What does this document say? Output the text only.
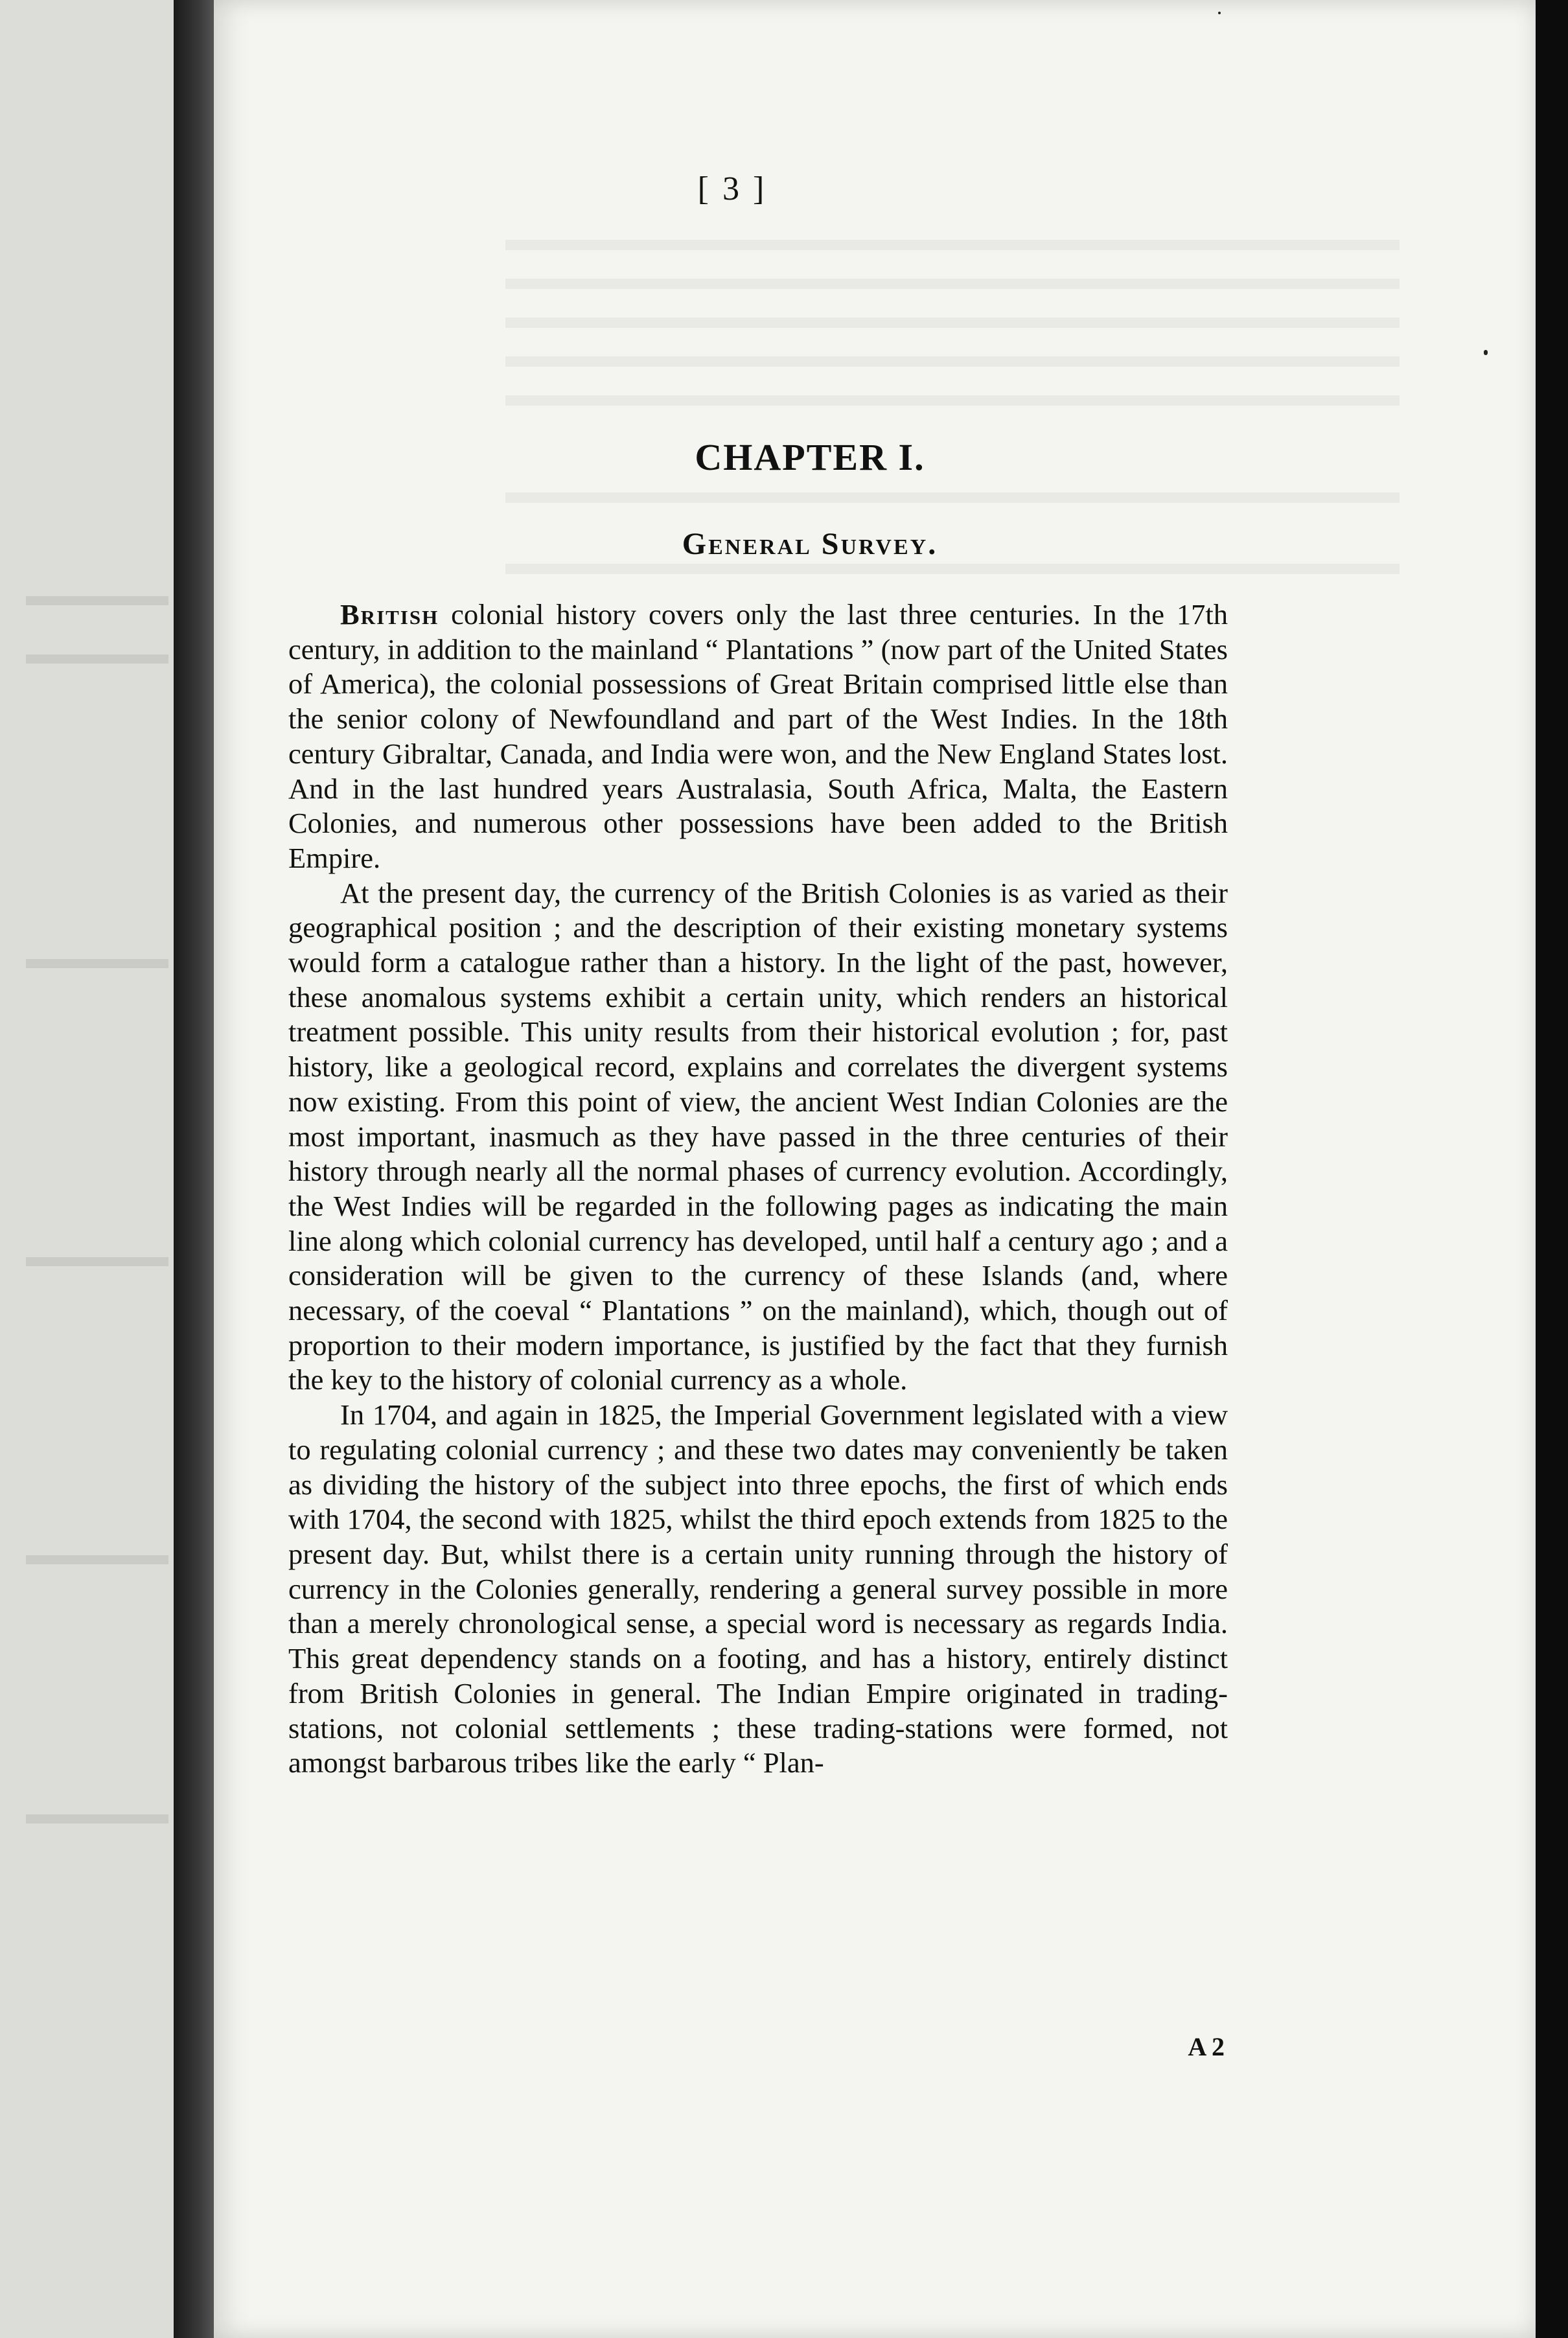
[ 3 ]
CHAPTER I.
General Survey.

British colonial history covers only the last three centuries. In the 17th century, in addition to the mainland “ Plantations ” (now part of the United States of America), the colonial possessions of Great Britain comprised little else than the senior colony of Newfoundland and part of the West Indies. In the 18th century Gibraltar, Canada, and India were won, and the New England States lost. And in the last hundred years Australasia, South Africa, Malta, the Eastern Colonies, and numerous other possessions have been added to the British Empire.

At the present day, the currency of the British Colonies is as varied as their geographical position ; and the description of their existing monetary systems would form a catalogue rather than a history. In the light of the past, however, these anomalous systems exhibit a certain unity, which renders an historical treatment possible. This unity results from their historical evolution ; for, past history, like a geological record, explains and correlates the divergent systems now existing. From this point of view, the ancient West Indian Colonies are the most important, inasmuch as they have passed in the three centuries of their history through nearly all the normal phases of currency evolution. Accordingly, the West Indies will be regarded in the following pages as indicating the main line along which colonial currency has developed, until half a century ago ; and a consideration will be given to the currency of these Islands (and, where necessary, of the coeval “ Plantations ” on the mainland), which, though out of proportion to their modern importance, is justified by the fact that they furnish the key to the history of colonial currency as a whole.

In 1704, and again in 1825, the Imperial Government legislated with a view to regulating colonial currency ; and these two dates may conveniently be taken as dividing the history of the subject into three epochs, the first of which ends with 1704, the second with 1825, whilst the third epoch extends from 1825 to the present day. But, whilst there is a certain unity running through the history of currency in the Colonies generally, rendering a general survey possible in more than a merely chronological sense, a special word is necessary as regards India. This great dependency stands on a footing, and has a history, entirely distinct from British Colonies in general. The Indian Empire originated in trading-stations, not colonial settlements ; these trading-stations were formed, not amongst barbarous tribes like the early “ Plan-

A 2
